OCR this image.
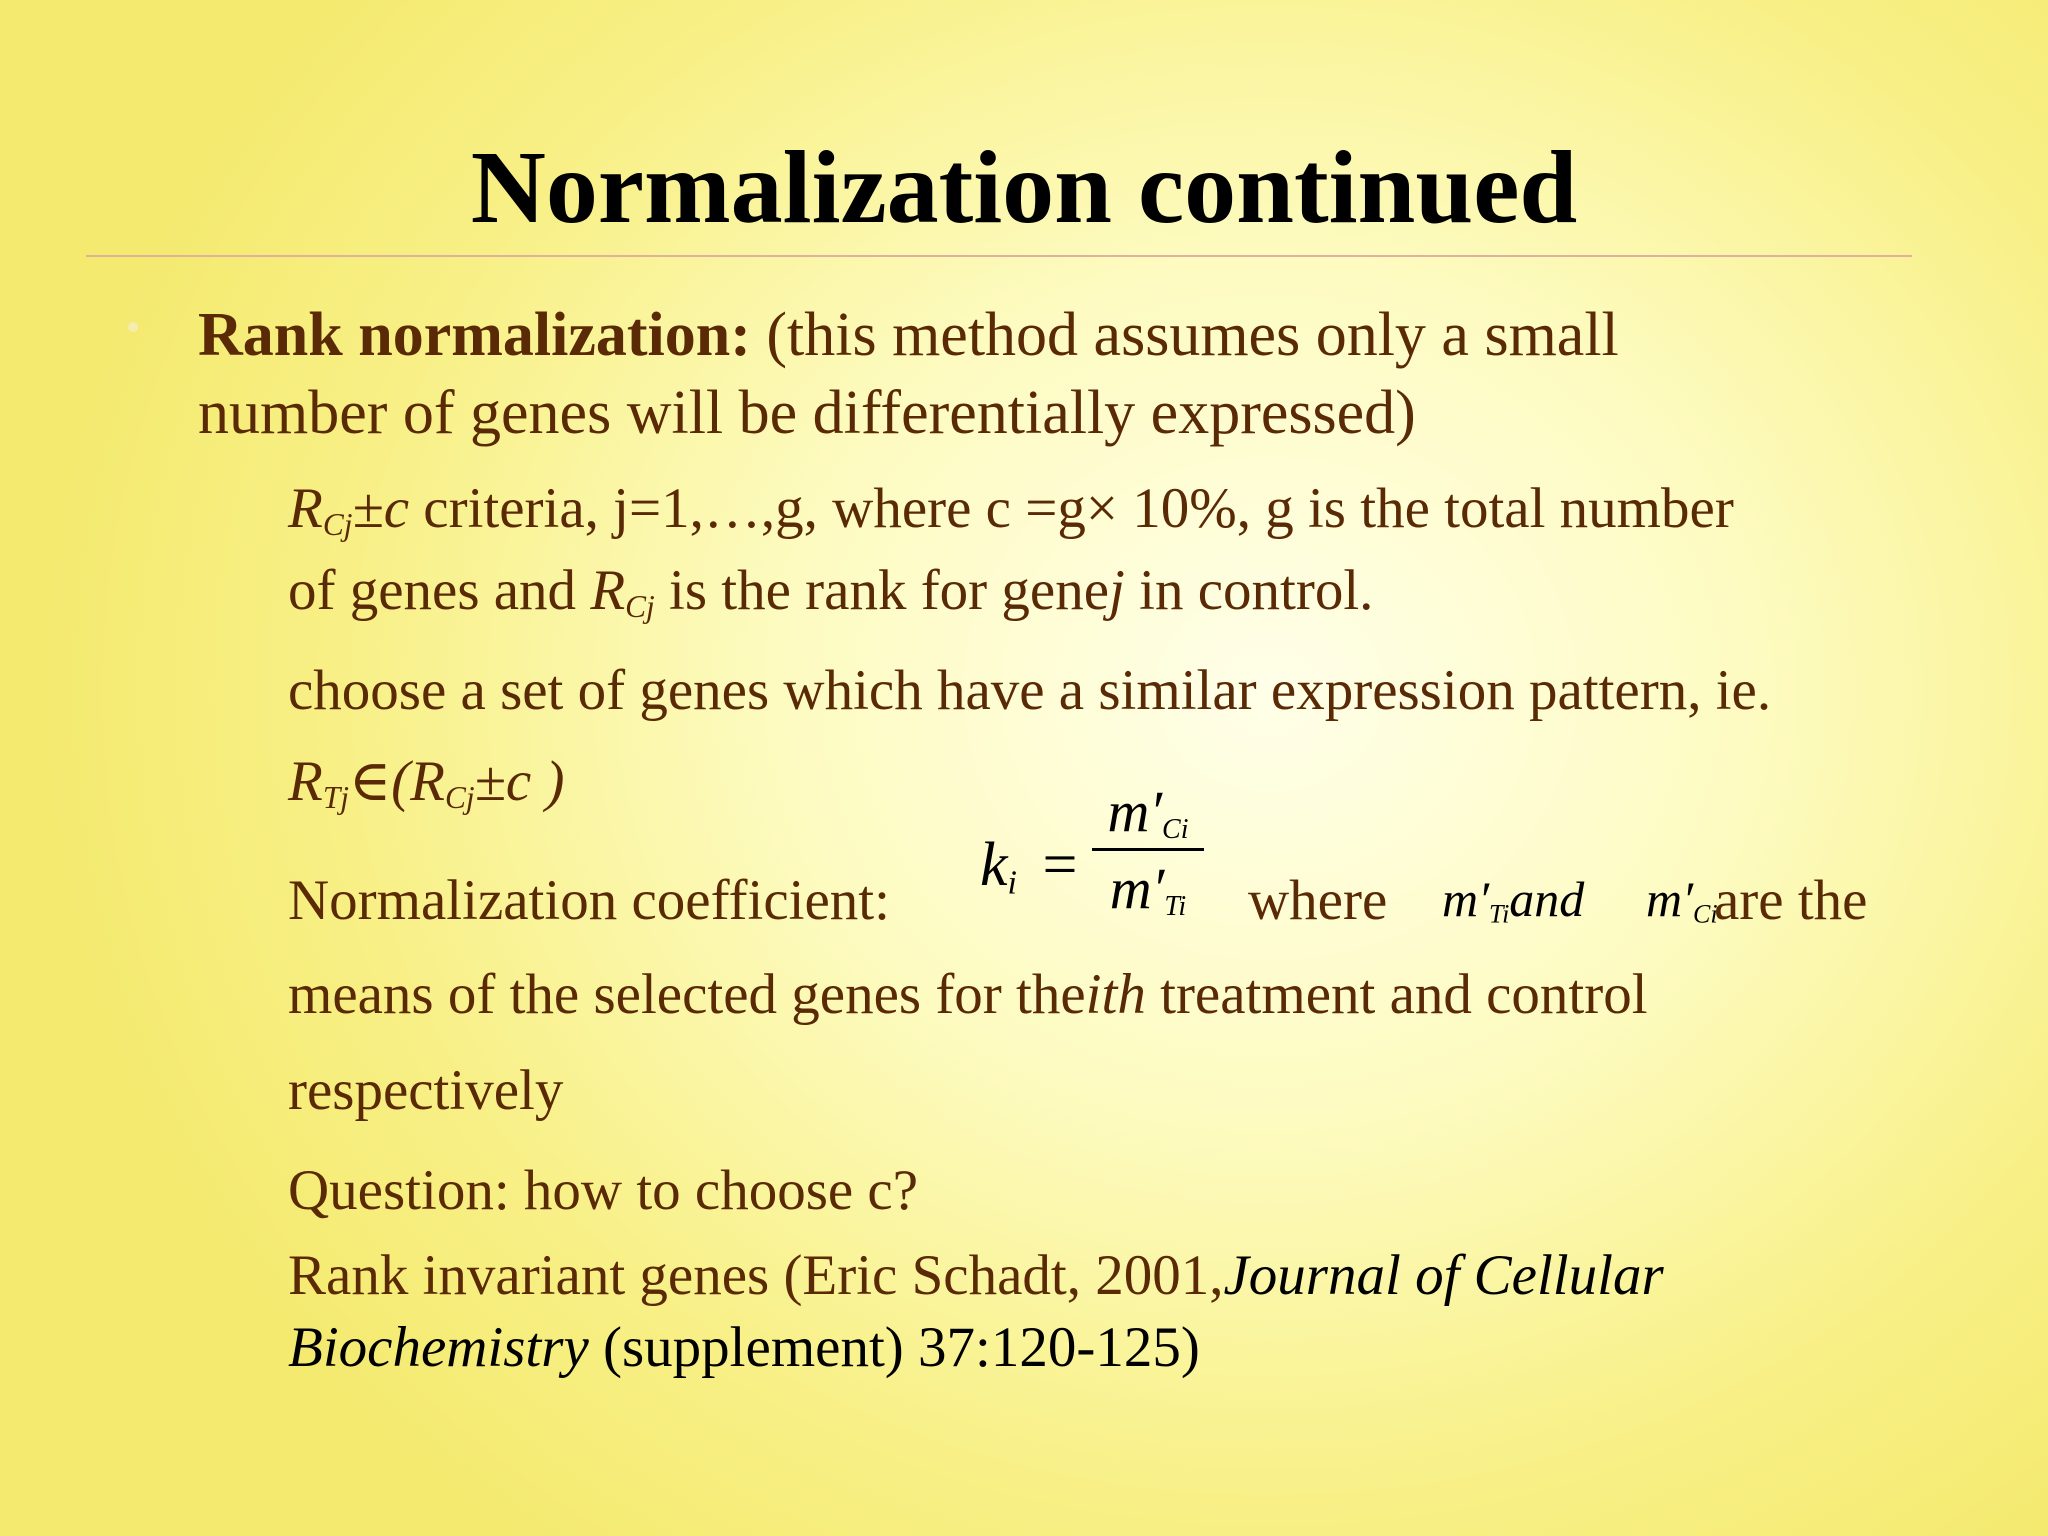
Normalization continued
Rank normalization: (this method assumes only a small
number of genes will be differentially expressed)
$R_{Cj}\pm c$ criteria, j=1,…,g, where c =g× 10%, g is the total number
of genes and $R_{Cj}$ is the rank for genej in control.
choose a set of genes which have a similar expression pattern, ie.
$R_{Tj}\in(R_{Cj}\pm c$ )
Normalization coefficient:
$k_i$ =
$m'_{Ci}$
$m'_{Ti}$	where $m'_{Ti}and$ $m'_{Ci}$
are the
means of the selected genes for theith treatment and control
respectively
Question: how to choose c?
Rank invariant genes (Eric Schadt, 2001,Journal of Cellular
Biochemistry (supplement) 37:120-125)
